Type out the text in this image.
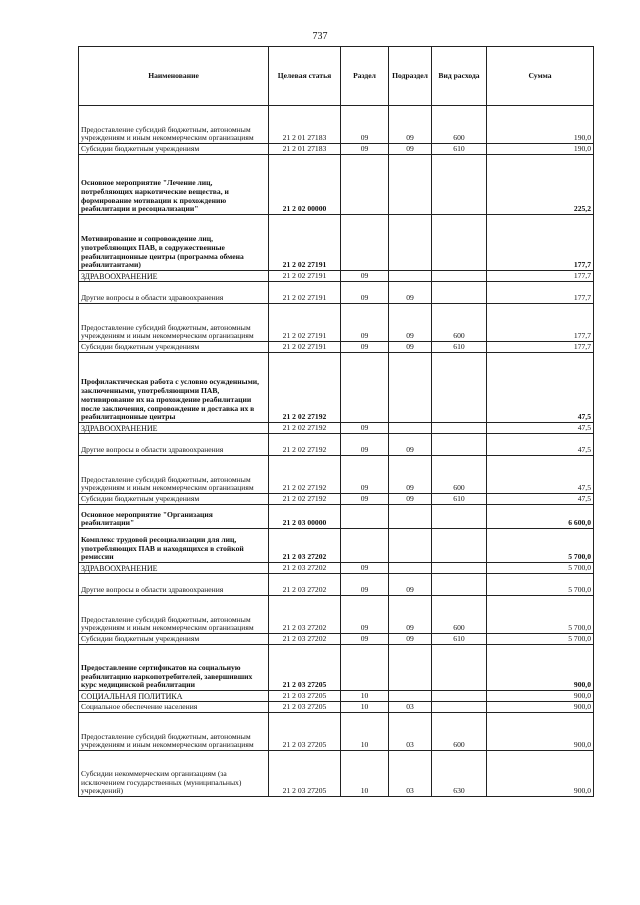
737
Наименование	Целевая статья	Раздел	Подраздел	Вид расхода	Сумма
Предоставление субсидий бюджетным, автономным учреждениям и иным некоммерческим организациям	21 2 01 27183	09	09	600	190,0
Субсидии бюджетным учреждениям	21 2 01 27183	09	09	610	190,0
Основное мероприятие "Лечение лиц, потребляющих наркотические вещества, и формирование мотивации к прохождению реабилитации и ресоциализации"	21 2 02 00000				225,2
Мотивирование и сопровождение лиц, употребляющих ПАВ, в содружественные реабилитационные центры (программа обмена реабилитантами)	21 2 02 27191				177,7
ЗДРАВООХРАНЕНИЕ	21 2 02 27191	09			177,7
Другие вопросы в области здравоохранения	21 2 02 27191	09	09		177,7
Предоставление субсидий бюджетным, автономным учреждениям и иным некоммерческим организациям	21 2 02 27191	09	09	600	177,7
Субсидии бюджетным учреждениям	21 2 02 27191	09	09	610	177,7
Профилактическая работа с условно осужденными, заключенными, употребляющими ПАВ, мотивирование их на прохождение реабилитации после заключения, сопровождение и доставка их в реабилитационные центры	21 2 02 27192				47,5
ЗДРАВООХРАНЕНИЕ	21 2 02 27192	09			47,5
Другие вопросы в области здравоохранения	21 2 02 27192	09	09		47,5
Предоставление субсидий бюджетным, автономным учреждениям и иным некоммерческим организациям	21 2 02 27192	09	09	600	47,5
Субсидии бюджетным учреждениям	21 2 02 27192	09	09	610	47,5
Основное мероприятие "Организация реабилитации"	21 2 03 00000				6 600,0
Комплекс трудовой ресоциализации для лиц, употребляющих ПАВ и находящихся в стойкой ремиссии	21 2 03 27202				5 700,0
ЗДРАВООХРАНЕНИЕ	21 2 03 27202	09			5 700,0
Другие вопросы в области здравоохранения	21 2 03 27202	09	09		5 700,0
Предоставление субсидий бюджетным, автономным учреждениям и иным некоммерческим организациям	21 2 03 27202	09	09	600	5 700,0
Субсидии бюджетным учреждениям	21 2 03 27202	09	09	610	5 700,0
Предоставление сертификатов на социальную реабилитацию наркопотребителей, завершивших курс медицинской реабилитации	21 2 03 27205				900,0
СОЦИАЛЬНАЯ ПОЛИТИКА	21 2 03 27205	10			900,0
Социальное обеспечение населения	21 2 03 27205	10	03		900,0
Предоставление субсидий бюджетным, автономным учреждениям и иным некоммерческим организациям	21 2 03 27205	10	03	600	900,0
Субсидии некоммерческим организациям (за исключением государственных (муниципальных) учреждений)	21 2 03 27205	10	03	630	900,0
